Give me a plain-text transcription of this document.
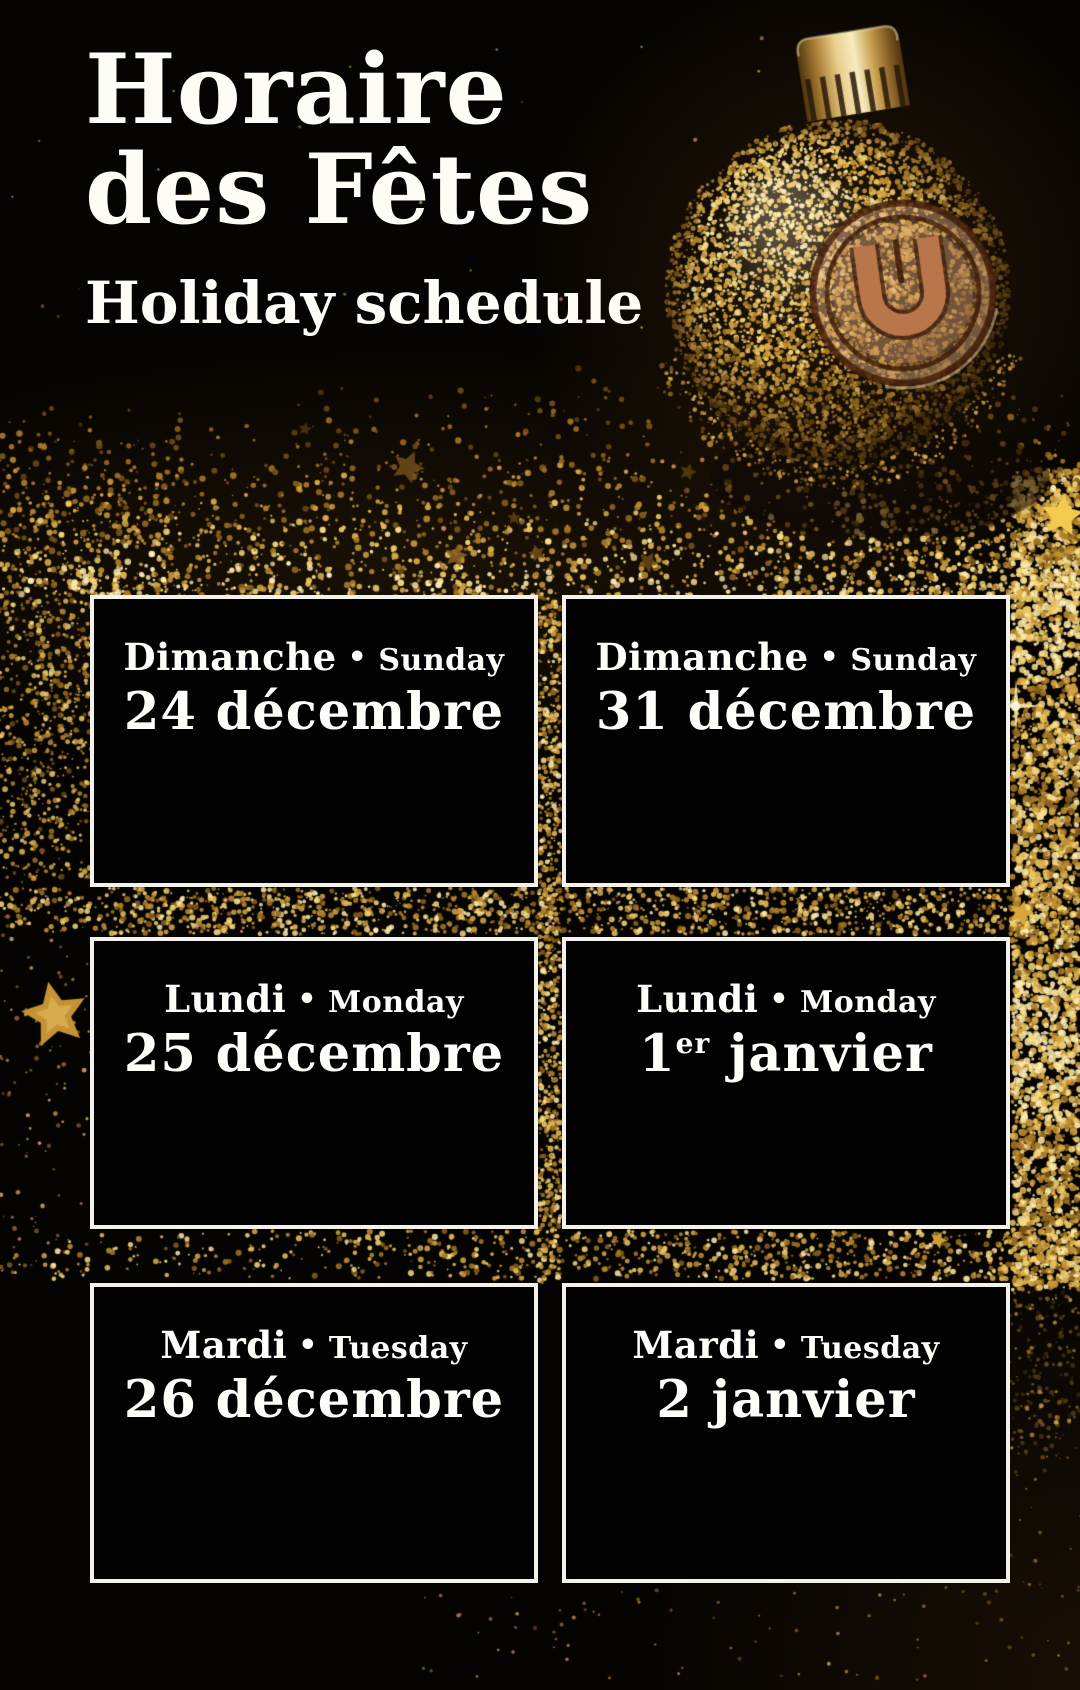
Horaire
des Fêtes
Holiday schedule
Dimanche • Sunday
24 décembre
Dimanche • Sunday
31 décembre
Lundi • Monday
25 décembre
Lundi • Monday
1er janvier
Mardi • Tuesday
26 décembre
Mardi • Tuesday
2 janvier
